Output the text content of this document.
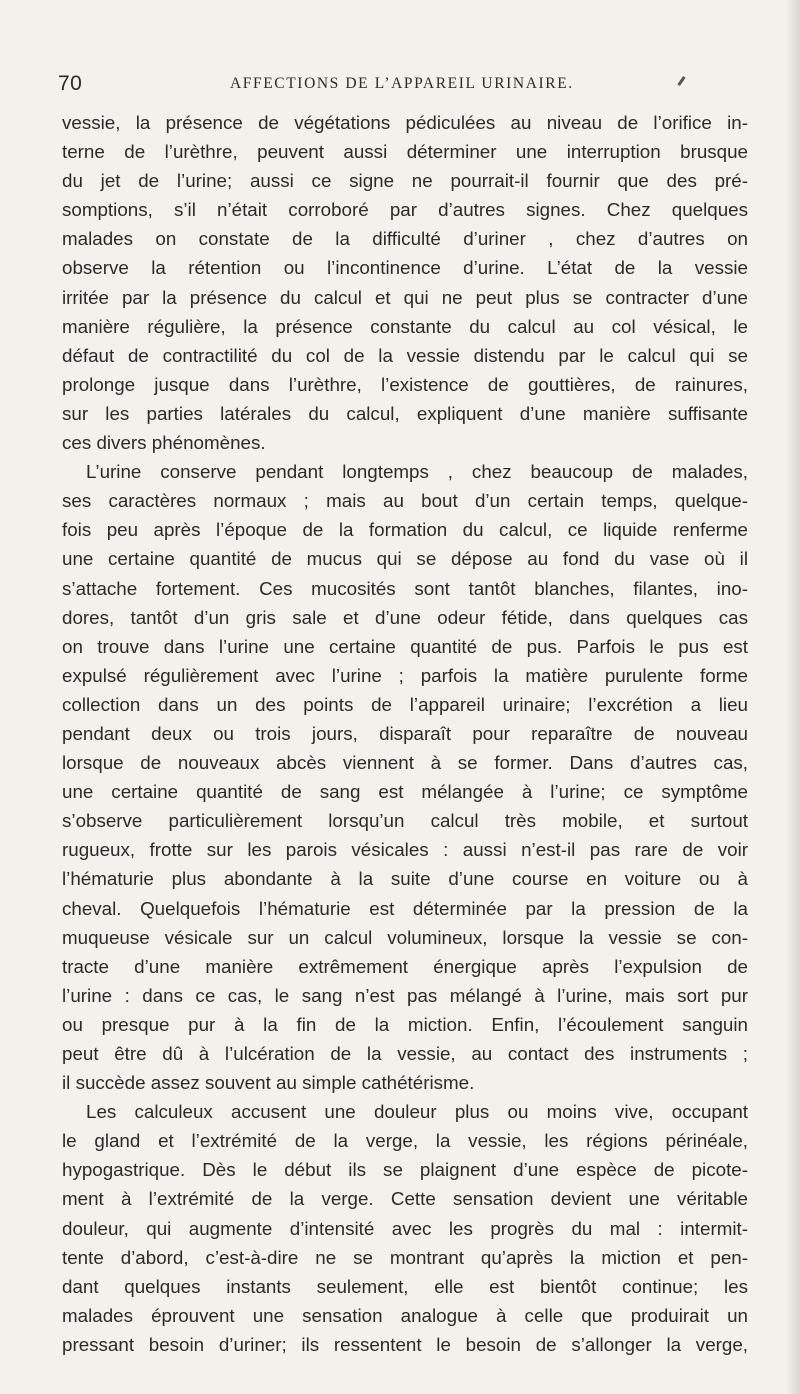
70	AFFECTIONS DE L’APPAREIL URINAIRE.
vessie, la présence de végétations pédiculées au niveau de l’orifice in-
terne de l’urèthre, peuvent aussi déterminer une interruption brusque
du jet de l’urine; aussi ce signe ne pourrait-il fournir que des pré-
somptions, s’il n’était corroboré par d’autres signes. Chez quelques
malades on constate de la difficulté d’uriner , chez d’autres on
observe la rétention ou l’incontinence d’urine. L’état de la vessie
irritée par la présence du calcul et qui ne peut plus se contracter d’une
manière régulière, la présence constante du calcul au col vésical, le
défaut de contractilité du col de la vessie distendu par le calcul qui se
prolonge jusque dans l’urèthre, l’existence de gouttières, de rainures,
sur les parties latérales du calcul, expliquent d’une manière suffisante
ces divers phénomènes.
L’urine conserve pendant longtemps , chez beaucoup de malades,
ses caractères normaux ; mais au bout d’un certain temps, quelque-
fois peu après l’époque de la formation du calcul, ce liquide renferme
une certaine quantité de mucus qui se dépose au fond du vase où il
s’attache fortement. Ces mucosités sont tantôt blanches, filantes, ino-
dores, tantôt d’un gris sale et d’une odeur fétide, dans quelques cas
on trouve dans l’urine une certaine quantité de pus. Parfois le pus est
expulsé régulièrement avec l’urine ; parfois la matière purulente forme
collection dans un des points de l’appareil urinaire; l’excrétion a lieu
pendant deux ou trois jours, disparaît pour reparaître de nouveau
lorsque de nouveaux abcès viennent à se former. Dans d’autres cas,
une certaine quantité de sang est mélangée à l’urine; ce symptôme
s’observe particulièrement lorsqu’un calcul très mobile, et surtout
rugueux, frotte sur les parois vésicales : aussi n’est-il pas rare de voir
l’hématurie plus abondante à la suite d’une course en voiture ou à
cheval. Quelquefois l’hématurie est déterminée par la pression de la
muqueuse vésicale sur un calcul volumineux, lorsque la vessie se con-
tracte d’une manière extrêmement énergique après l’expulsion de
l’urine : dans ce cas, le sang n’est pas mélangé à l’urine, mais sort pur
ou presque pur à la fin de la miction. Enfin, l’écoulement sanguin
peut être dû à l’ulcération de la vessie, au contact des instruments ;
il succède assez souvent au simple cathétérisme.
Les calculeux accusent une douleur plus ou moins vive, occupant
le gland et l’extrémité de la verge, la vessie, les régions périnéale,
hypogastrique. Dès le début ils se plaignent d’une espèce de picote-
ment à l’extrémité de la verge. Cette sensation devient une véritable
douleur, qui augmente d’intensité avec les progrès du mal : intermit-
tente d’abord, c’est-à-dire ne se montrant qu’après la miction et pen-
dant quelques instants seulement, elle est bientôt continue; les
malades éprouvent une sensation analogue à celle que produirait un
pressant besoin d’uriner; ils ressentent le besoin de s’allonger la verge,
